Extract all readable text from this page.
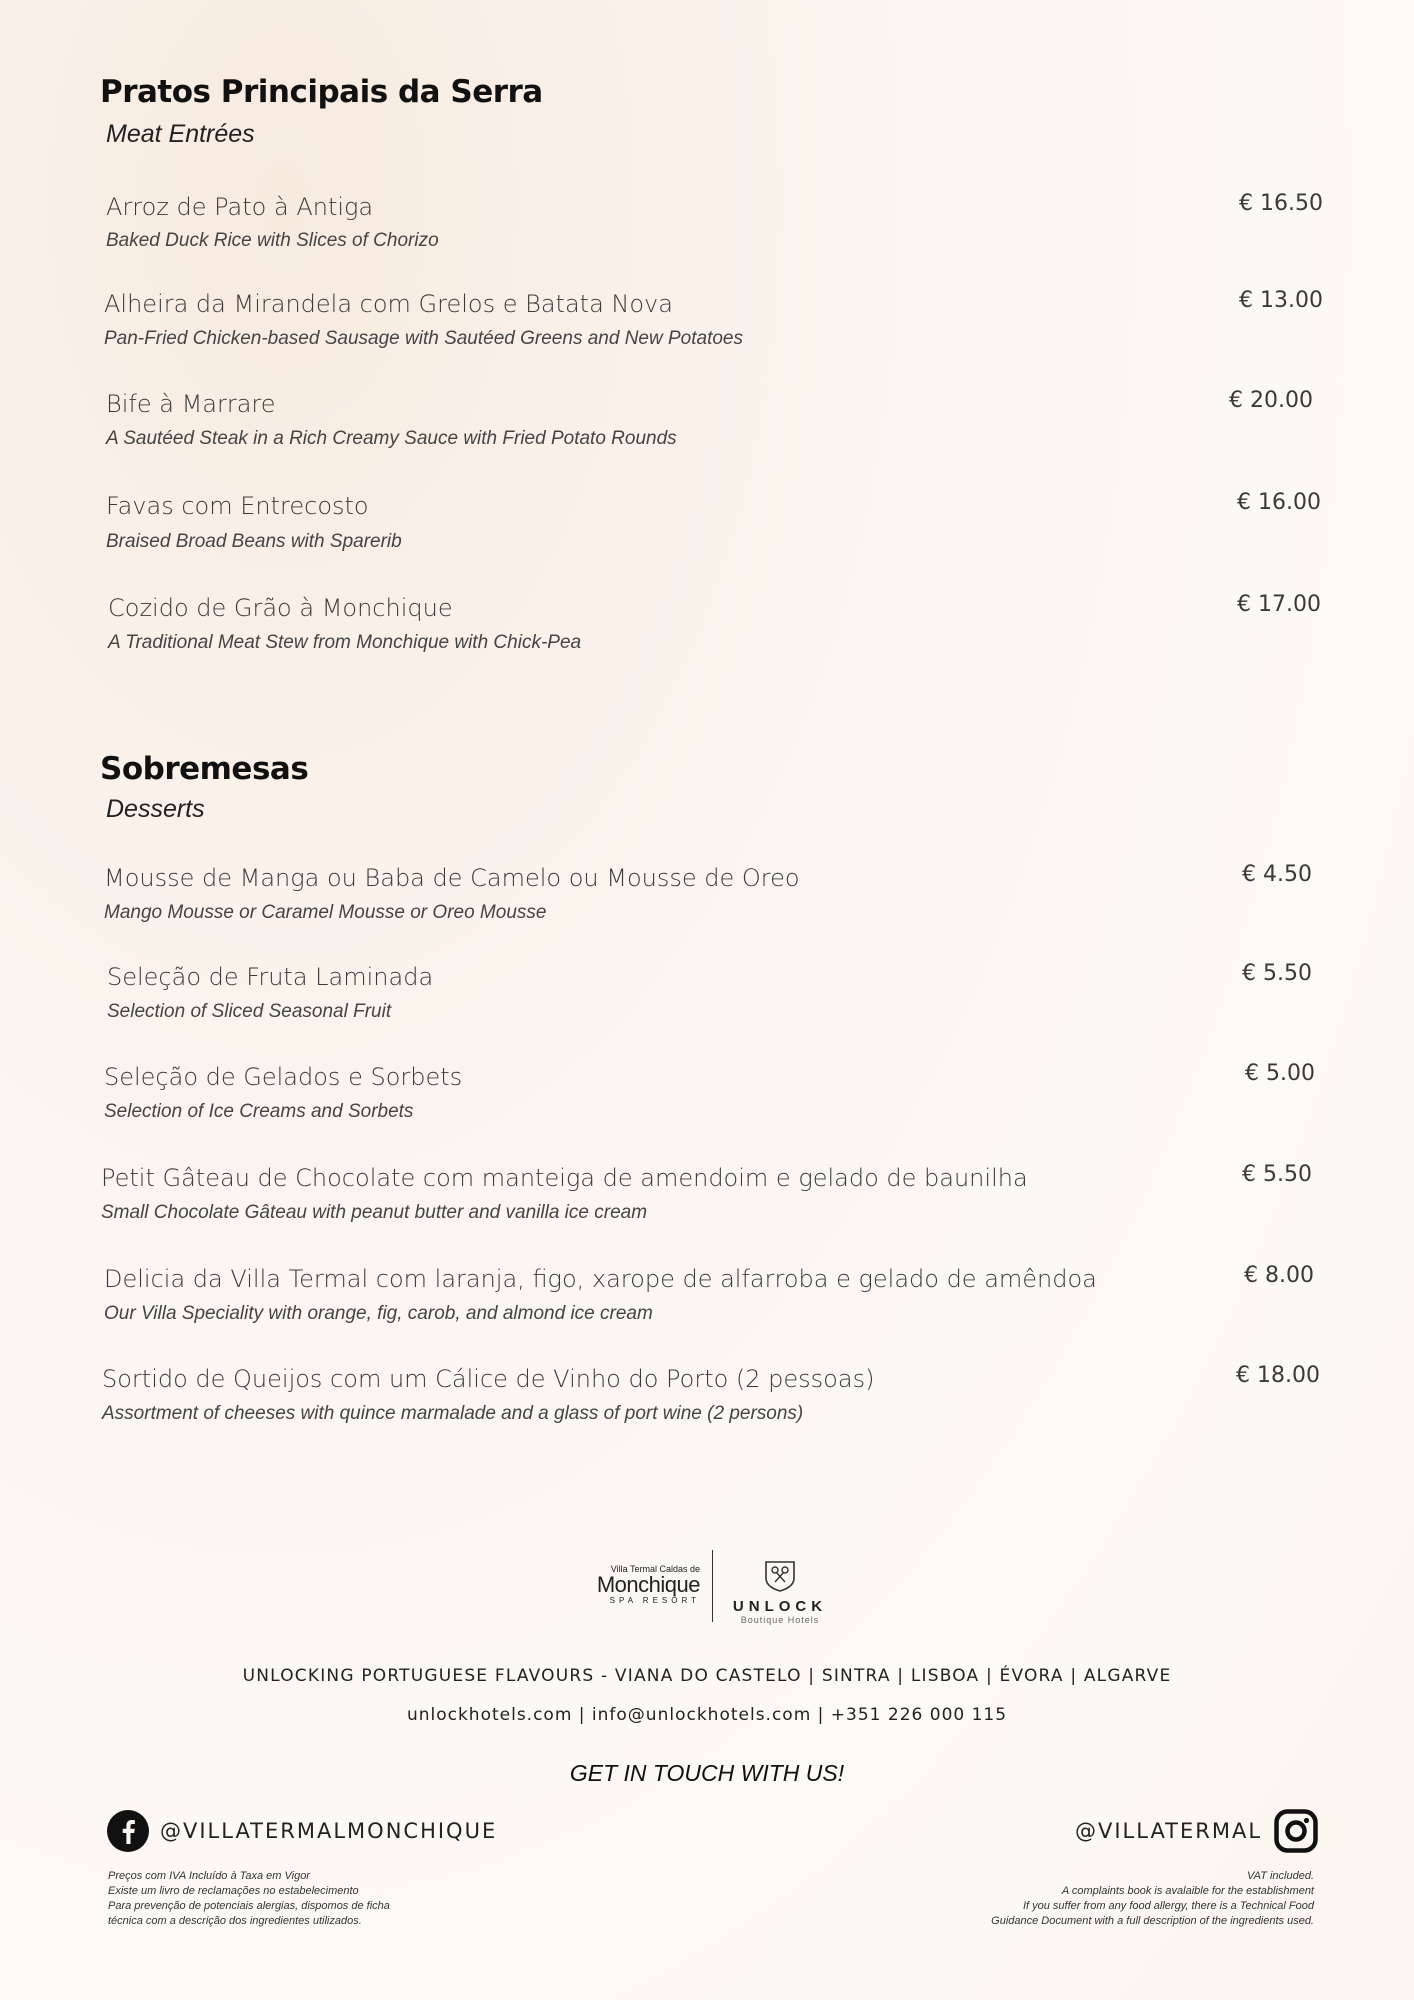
Pratos Principais da Serra
Meat Entrées
Arroz de Pato à Antiga
Baked Duck Rice with Slices of Chorizo
€ 16.50
Alheira da Mirandela com Grelos e Batata Nova
Pan-Fried Chicken-based Sausage with Sautéed Greens and New Potatoes
€ 13.00
Bife à Marrare
A Sautéed Steak in a Rich Creamy Sauce with Fried Potato Rounds
€ 20.00
Favas com Entrecosto
Braised Broad Beans with Sparerib
€ 16.00
Cozido de Grão à Monchique
A Traditional Meat Stew from Monchique with Chick-Pea
€ 17.00
Sobremesas
Desserts
Mousse de Manga ou Baba de Camelo ou Mousse de Oreo
Mango Mousse or Caramel Mousse or Oreo Mousse
€ 4.50
Seleção de Fruta Laminada
Selection of Sliced Seasonal Fruit
€ 5.50
Seleção de Gelados e Sorbets
Selection of Ice Creams and Sorbets
€ 5.00
Petit Gâteau de Chocolate com manteiga de amendoim e gelado de baunilha
Small Chocolate Gâteau with peanut butter and vanilla ice cream
€ 5.50
Delicia da Villa Termal com laranja, figo, xarope de alfarroba e gelado de amêndoa
Our Villa Speciality with orange, fig, carob, and almond ice cream
€ 8.00
Sortido de Queijos com um Cálice de Vinho do Porto (2 pessoas)
Assortment of cheeses with quince marmalade and a glass of port wine (2 persons)
€ 18.00
Villa Termal Caldas de
Monchique
SPA RESORT	UNLOCK
Boutique Hotels
UNLOCKING PORTUGUESE FLAVOURS - VIANA DO CASTELO | SINTRA | LISBOA | ÉVORA | ALGARVE
unlockhotels.com | info@unlockhotels.com | +351 226 000 115
GET IN TOUCH WITH US!
@VILLATERMALMONCHIQUE	@VILLATERMAL
Preços com IVA Incluído à Taxa em Vigor
Existe um livro de reclamações no estabelecimento
Para prevenção de potenciais alergias, dispomos de ficha
técnica com a descrição dos ingredientes utilizados.
VAT included.
A complaints book is avalaible for the establishment
If you suffer from any food allergy, there is a Technical Food
Guidance Document with a full description of the ingredients used.
